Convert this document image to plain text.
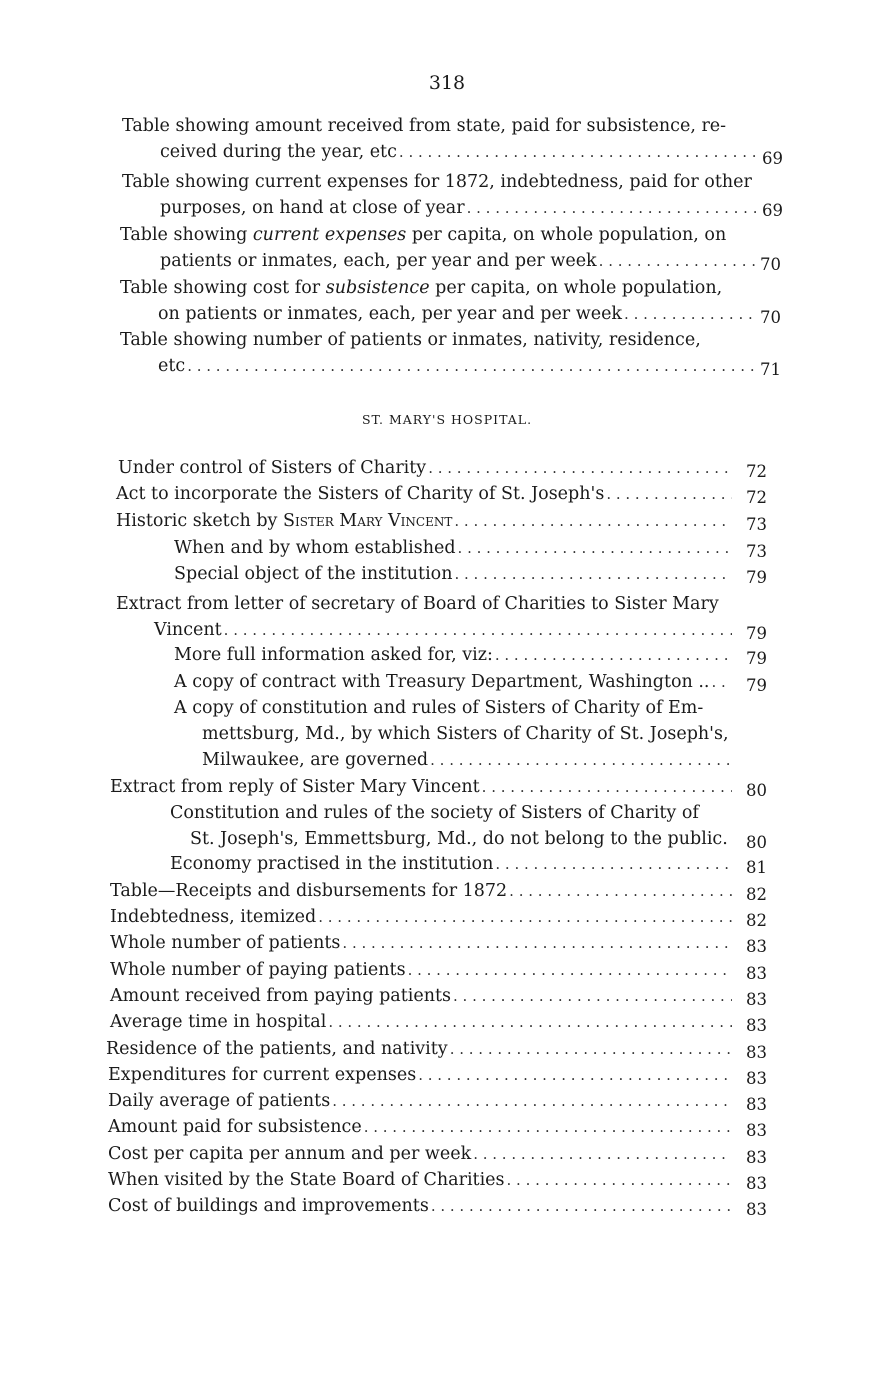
318
Table showing amount received from state, paid for subsistence, re-
ceived during the year, etc . . .	69
Table showing current expenses for 1872, indebtedness, paid for other
purposes, on hand at close of year . . .	69
Table showing current expenses per capita, on whole population, on
patients or inmates, each, per year and per week . . .	70
Table showing cost for subsistence per capita, on whole population,
on patients or inmates, each, per year and per week . . .	70
Table showing number of patients or inmates, nativity, residence,
etc . . .	71
ST. MARY'S HOSPITAL.
Under control of Sisters of Charity . . .	72
Act to incorporate the Sisters of Charity of St. Joseph's . . .	72
Historic sketch by Sister Mary Vincent . . .	73
When and by whom established . . .	73
Special object of the institution . . .	79
Extract from letter of secretary of Board of Charities to Sister Mary
Vincent . . .	79
More full information asked for, viz: . . .	79
A copy of contract with Treasury Department, Washington .. . . . 79
A copy of constitution and rules of Sisters of Charity of Em-
mettsburg, Md., by which Sisters of Charity of St. Joseph's,
Milwaukee, are governed
. . .
Extract from reply of Sister Mary Vincent . . .	80
Constitution and rules of the society of Sisters of Charity of
St. Joseph's, Emmettsburg, Md., do not belong to the public. 80
Economy practised in the institution . . .	81
Table—Receipts and disbursements for 1872 . . .	82
Indebtedness, itemized . . .	82
Whole number of patients . . .	83
Whole number of paying patients . . .	83
Amount received from paying patients . . .	83
Average time in hospital . . .	83
Residence of the patients, and nativity . . .	83
Expenditures for current expenses . . .	83
Daily average of patients . . .	83
Amount paid for subsistence . . .	83
Cost per capita per annum and per week . . .	83
When visited by the State Board of Charities . . .	83
Cost of buildings and improvements . . .	83
